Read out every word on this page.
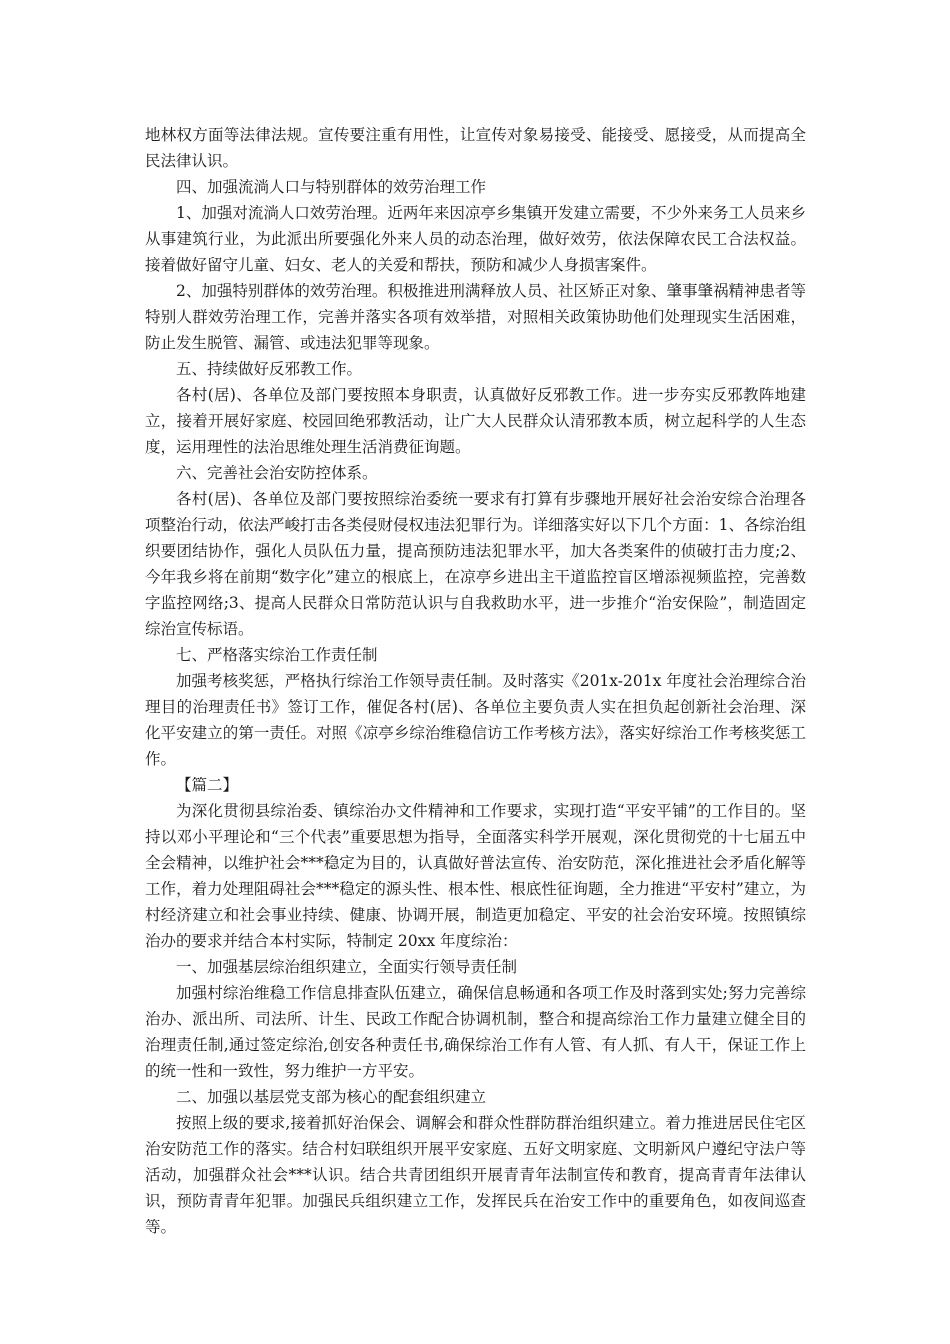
地林权方面等法律法规。宣传要注重有用性，让宣传对象易接受、能接受、愿接受，从而提高全民法律认识。

四、加强流淌人口与特别群体的效劳治理工作

1、加强对流淌人口效劳治理。近两年来因凉亭乡集镇开发建立需要，不少外来务工人员来乡从事建筑行业，为此派出所要强化外来人员的动态治理，做好效劳，依法保障农民工合法权益。接着做好留守儿童、妇女、老人的关爱和帮扶，预防和减少人身损害案件。

2、加强特别群体的效劳治理。积极推进刑满释放人员、社区矫正对象、肇事肇祸精神患者等特别人群效劳治理工作，完善并落实各项有效举措，对照相关政策协助他们处理现实生活困难，防止发生脱管、漏管、或违法犯罪等现象。

五、持续做好反邪教工作。

各村(居)、各单位及部门要按照本身职责，认真做好反邪教工作。进一步夯实反邪教阵地建立，接着开展好家庭、校园回绝邪教活动，让广大人民群众认清邪教本质，树立起科学的人生态度，运用理性的法治思维处理生活消费征询题。

六、完善社会治安防控体系。

各村(居)、各单位及部门要按照综治委统一要求有打算有步骤地开展好社会治安综合治理各项整治行动，依法严峻打击各类侵财侵权违法犯罪行为。详细落实好以下几个方面：1、各综治组织要团结协作，强化人员队伍力量，提高预防违法犯罪水平，加大各类案件的侦破打击力度;2、今年我乡将在前期“数字化”建立的根底上，在凉亭乡进出主干道监控盲区增添视频监控，完善数字监控网络;3、提高人民群众日常防范认识与自我救助水平，进一步推介“治安保险”，制造固定综治宣传标语。

七、严格落实综治工作责任制

加强考核奖惩，严格执行综治工作领导责任制。及时落实《201x-201x 年度社会治理综合治理目的治理责任书》签订工作，催促各村(居)、各单位主要负责人实在担负起创新社会治理、深化平安建立的第一责任。对照《凉亭乡综治维稳信访工作考核方法》，落实好综治工作考核奖惩工作。

【篇二】

为深化贯彻县综治委、镇综治办文件精神和工作要求，实现打造“平安平铺”的工作目的。坚持以邓小平理论和“三个代表”重要思想为指导，全面落实科学开展观，深化贯彻党的十七届五中全会精神，以维护社会***稳定为目的，认真做好普法宣传、治安防范，深化推进社会矛盾化解等工作，着力处理阻碍社会***稳定的源头性、根本性、根底性征询题，全力推进“平安村”建立，为村经济建立和社会事业持续、健康、协调开展，制造更加稳定、平安的社会治安环境。按照镇综治办的要求并结合本村实际，特制定 20xx 年度综治：

一、加强基层综治组织建立，全面实行领导责任制

加强村综治维稳工作信息排查队伍建立，确保信息畅通和各项工作及时落到实处;努力完善综治办、派出所、司法所、计生、民政工作配合协调机制，整合和提高综治工作力量建立健全目的治理责任制,通过签定综治,创安各种责任书,确保综治工作有人管、有人抓、有人干，保证工作上的统一性和一致性，努力维护一方平安。

二、加强以基层党支部为核心的配套组织建立

按照上级的要求,接着抓好治保会、调解会和群众性群防群治组织建立。着力推进居民住宅区治安防范工作的落实。结合村妇联组织开展平安家庭、五好文明家庭、文明新风户遵纪守法户等活动，加强群众社会***认识。结合共青团组织开展青青年法制宣传和教育，提高青青年法律认识，预防青青年犯罪。加强民兵组织建立工作，发挥民兵在治安工作中的重要角色，如夜间巡查等。
